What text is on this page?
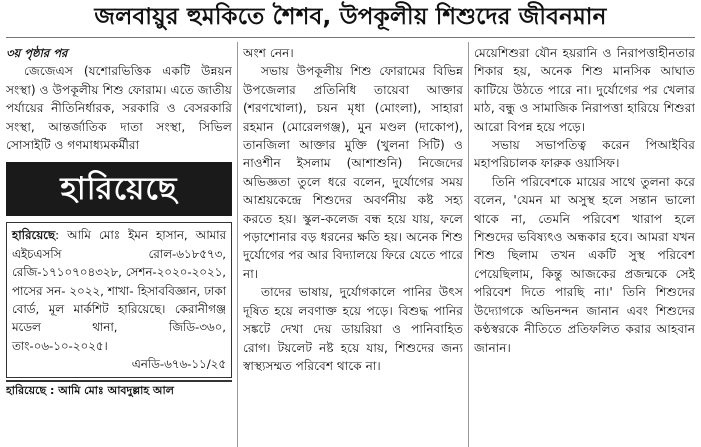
জলবায়ুর হুমকিতে শৈশব, উপকূলীয় শিশুদের জীবনমান
৩য় পৃষ্ঠার পর

জেজেএস (যশোরভিত্তিক একটি উন্নয়ন সংস্থা) ও উপকূলীয় শিশু ফোরাম। এতে জাতীয় পর্যায়ের নীতিনির্ধারক, সরকারি ও বেসরকারি সংস্থা, আন্তর্জাতিক দাতা সংস্থা, সিভিল সোসাইটি ও গণমাধ্যমকর্মীরা

হারিয়েছে

হারিয়েছে: আমি মোঃ ইমন হাসান, আমার এইচএসসি রোল-৬১৮৫৭৩, রেজি-১৭১০৭০৪৩২৮, সেশন-২০২০-২০২১, পাসের সন- ২০২২, শাখা- হিসাববিজ্ঞান, ঢাকা বোর্ড, মূল মার্কশিট হারিয়েছে। কেরানীগঞ্জ মডেল থানা, জিডি-৩৬০, তাং-০৬-১০-২০২৫।

এনডি-৬৭৬-১১/২৫
হারিয়েছে : আমি মোঃ আবদুল্লাহ আল

অংশ নেন।

সভায় উপকূলীয় শিশু ফোরামের বিভিন্ন উপজেলার প্রতিনিধি তায়েবা আক্তার (শরণখোলা), চয়ন মৃধা (মোংলা), সাহারা রহমান (মোরেলগঞ্জ), মুন মণ্ডল (দাকোপ), তানজিলা আক্তার মুক্তি (খুলনা সিটি) ও নাওশীন ইসলাম (আশাশুনি) নিজেদের অভিজ্ঞতা তুলে ধরে বলেন, দুর্যোগের সময় আশ্রয়কেন্দ্রে শিশুদের অবর্ণনীয় কষ্ট সহ্য করতে হয়। স্কুল-কলেজ বন্ধ হয়ে যায়, ফলে পড়াশোনার বড় ধরনের ক্ষতি হয়। অনেক শিশু দুর্যোগের পর আর বিদ্যালয়ে ফিরে যেতে পারে না।

তাদের ভাষায়, দুর্যোগকালে পানির উৎস দূষিত হয়ে লবণাক্ত হয়ে পড়ে। বিশুদ্ধ পানির সঙ্কটে দেখা দেয় ডায়রিয়া ও পানিবাহিত রোগ। টয়লেট নষ্ট হয়ে যায়, শিশুদের জন্য স্বাস্থ্যসম্মত পরিবেশ থাকে না।

মেয়েশিশুরা যৌন হয়রানি ও নিরাপত্তাহীনতার শিকার হয়, অনেক শিশু মানসিক আঘাত কাটিয়ে উঠতে পারে না। দুর্যোগের পর খেলার মাঠ, বন্ধু ও সামাজিক নিরাপত্তা হারিয়ে শিশুরা আরো বিপন্ন হয়ে পড়ে।

সভায় সভাপতিত্ব করেন পিআইবির মহাপরিচালক ফারুক ওয়াসিফ।

তিনি পরিবেশকে মায়ের সাথে তুলনা করে বলেন, 'যেমন মা অসুস্থ হলে সন্তান ভালো থাকে না, তেমনি পরিবেশ খারাপ হলে শিশুদের ভবিষ্যৎও অন্ধকার হবে। আমরা যখন শিশু ছিলাম তখন একটি সুস্থ পরিবেশ পেয়েছিলাম, কিন্তু আজকের প্রজন্মকে সেই পরিবেশ দিতে পারছি না।' তিনি শিশুদের উদ্যোগকে অভিনন্দন জানান এবং শিশুদের কণ্ঠস্বরকে নীতিতে প্রতিফলিত করার আহবান জানান।
